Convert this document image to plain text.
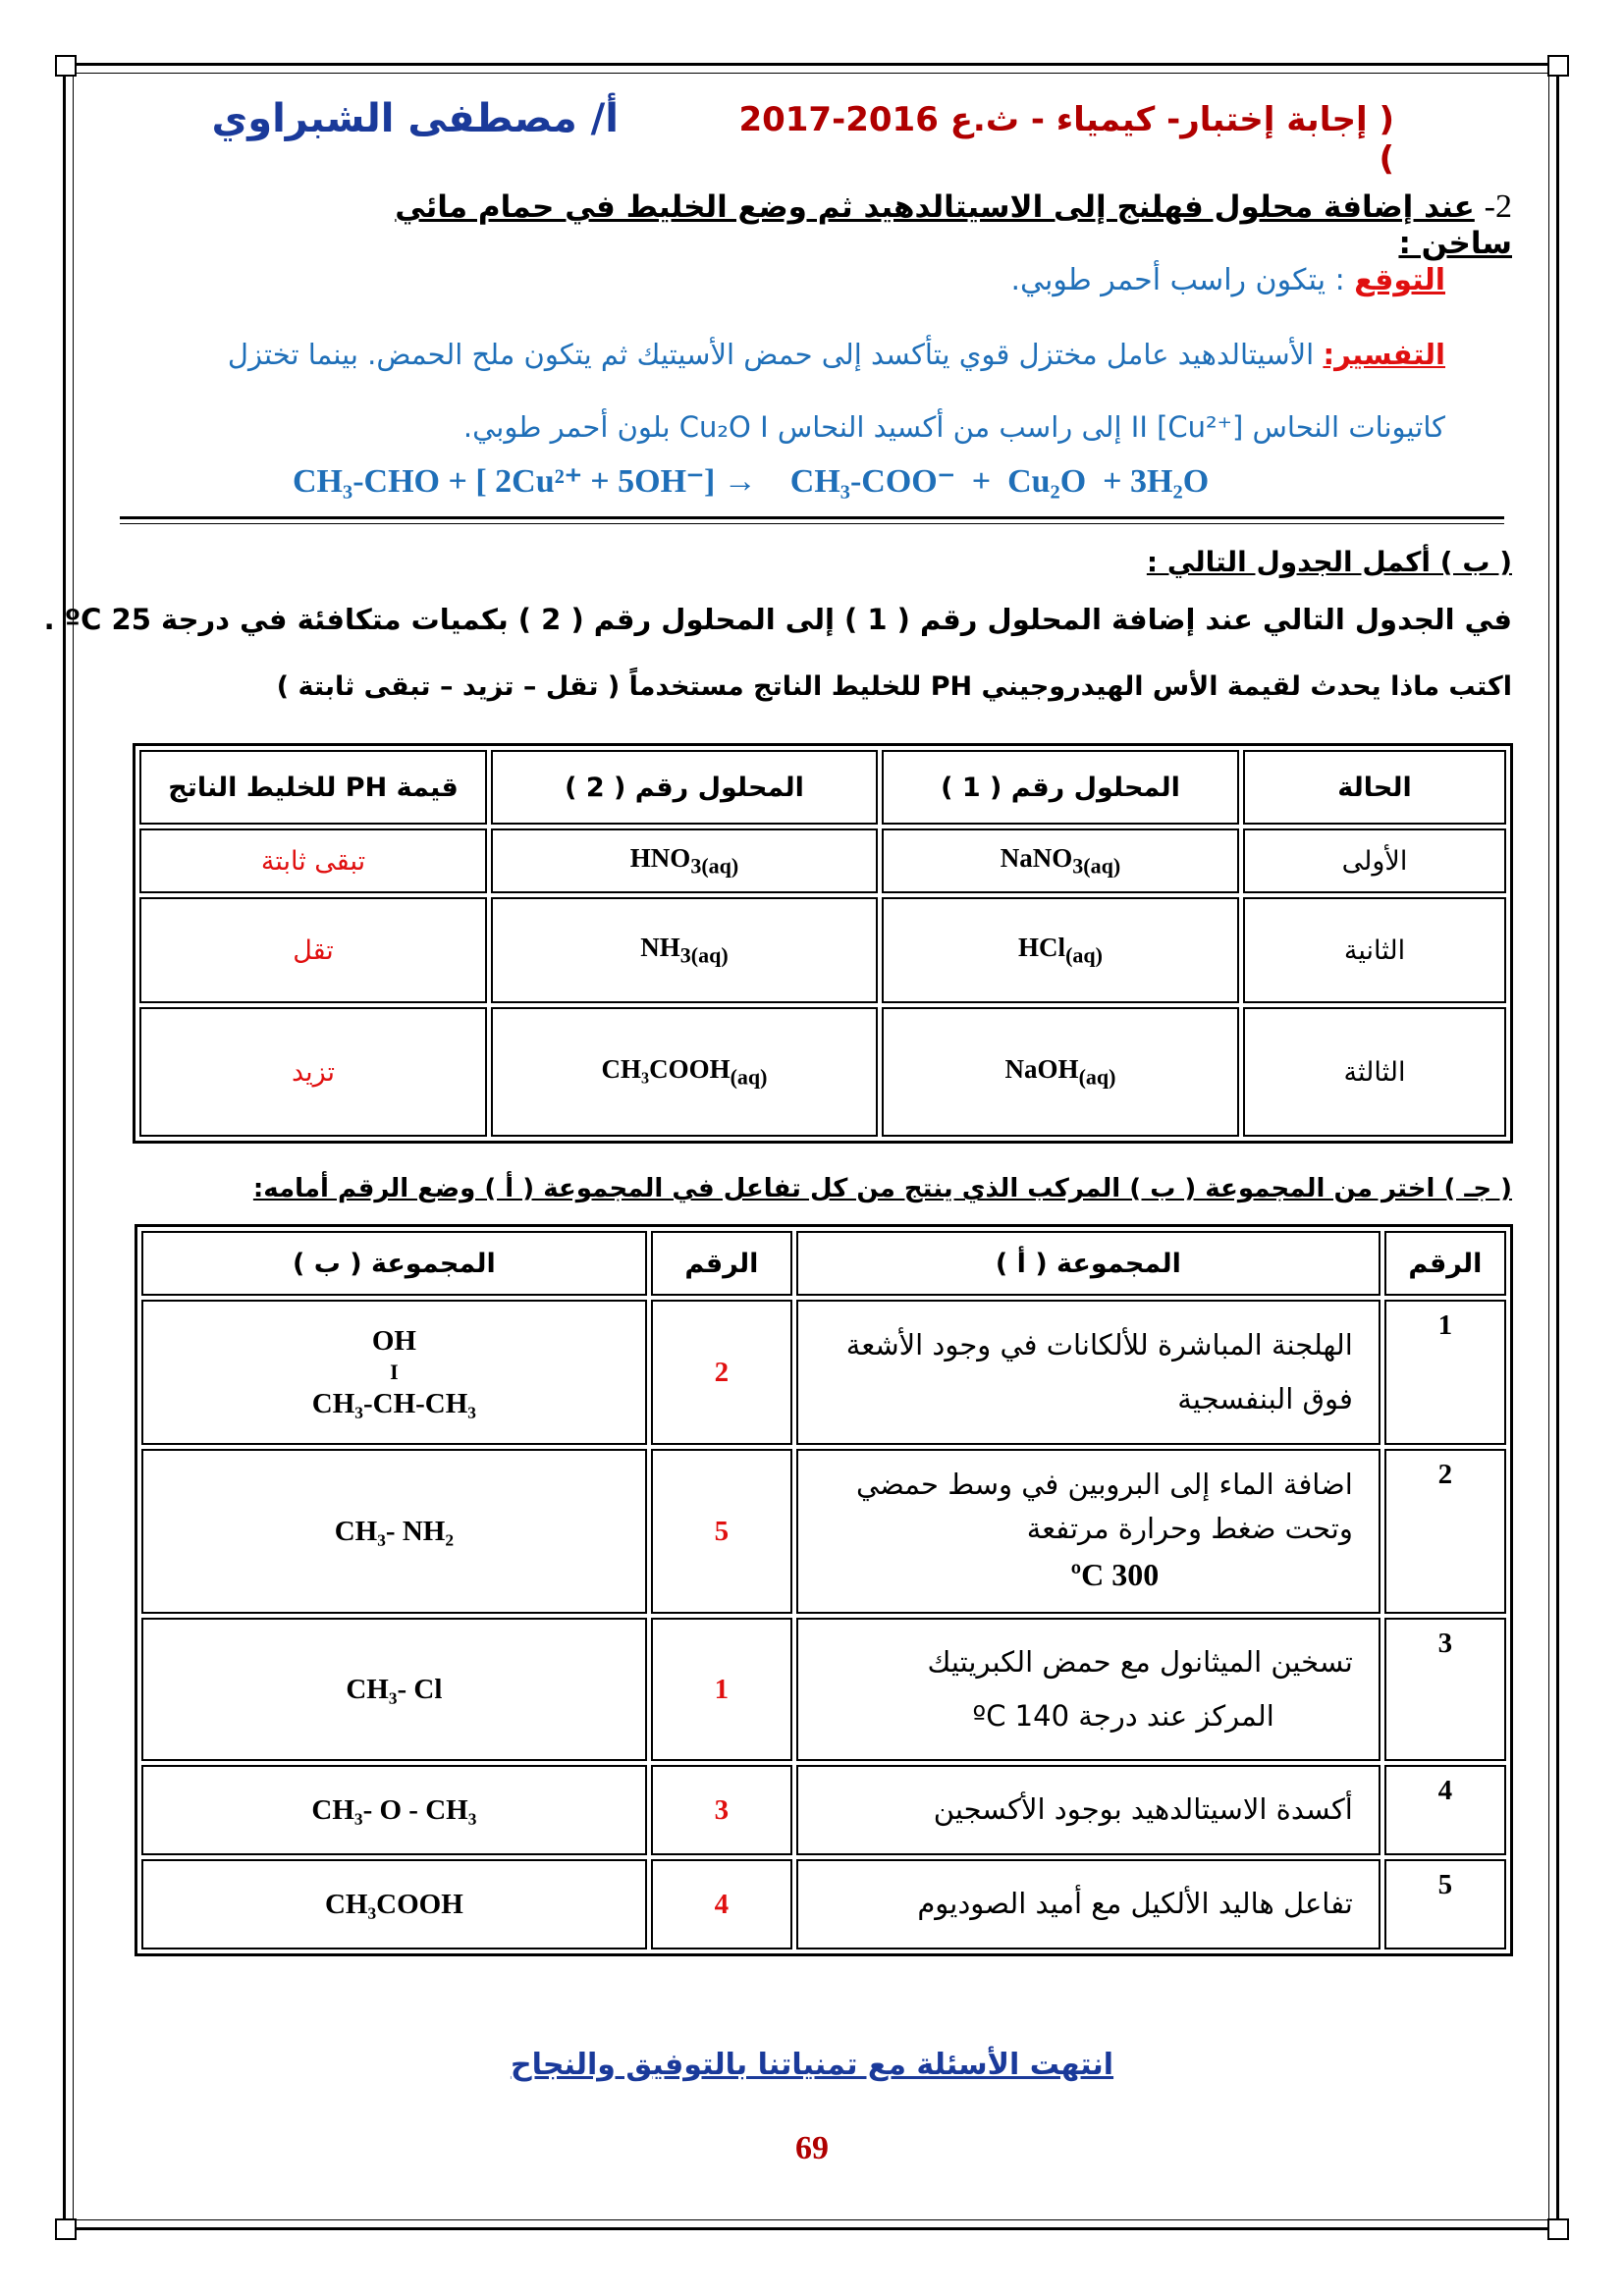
( إجابة إختبار- كيمياء - ث.ع 2016-2017 )
أ/ مصطفى الشبراوي
2- عند إضافة محلول فهلنج إلى الاسيتالدهيد ثم وضع الخليط في حمام مائي ساخن :
التوقع : يتكون راسب أحمر طوبي.
التفسير: الأسيتالدهيد عامل مختزل قوي يتأكسد إلى حمض الأسيتيك ثم يتكون ملح الحمض. بينما تختزل
كاتيونات النحاس II [Cu²⁺] إلى راسب من أكسيد النحاس Cu₂O I بلون أحمر طوبي.
CH₃-CHO + [ 2Cu²⁺ + 5OH⁻] →    CH₃-COO⁻  +  Cu₂O  + 3H₂O
( ب ) أكمل الجدول التالي :
في الجدول التالي عند إضافة المحلول رقم ( 1 ) إلى المحلول رقم ( 2 ) بكميات متكافئة في درجة 25 ºC .
اكتب ماذا يحدث لقيمة الأس الهيدروجيني PH للخليط الناتج مستخدماً ( تقل – تزيد – تبقى ثابتة )
الحالة	المحلول رقم ( 1 )	المحلول رقم ( 2 )	قيمة PH للخليط الناتج
الأولى	NaNO$_{3(aq)}$	$HNO_{3(aq)}$	تبقى ثابتة
الثانية	HCl$_{(aq)}$	$NH_{3(aq)}$	تقل
الثالثة	NaOH$_{(aq)}$	$CH_3COOH_{(aq)}$	تزيد
( جـ ) اختر من المجموعة ( ب ) المركب الذي ينتج من كل تفاعل في المجموعة ( أ ) وضع الرقم أمامه:
الرقم	المجموعة ( أ )	الرقم	المجموعة ( ب )
1	الهلجنة المباشرة للألكانات في وجود الأشعة فوق البنفسجية	2	OH
I
CH₃-CH-CH₃

2	اضافة الماء إلى البروبين في وسط حمضي وتحت ضغط وحرارة مرتفعة
300 ºC	5	CH₃- NH₂
3	تسخين الميثانول مع حمض الكبريتيك
المركز عند درجة 140 ºC	1	CH₃- Cl
4	أكسدة الاسيتالدهيد بوجود الأكسجين	3	CH₃- O - CH₃
5	تفاعل هاليد الألكيل مع أميد الصوديوم	4	CH₃COOH
انتهت الأسئلة مع تمنياتنا بالتوفيق والنجاح
69
